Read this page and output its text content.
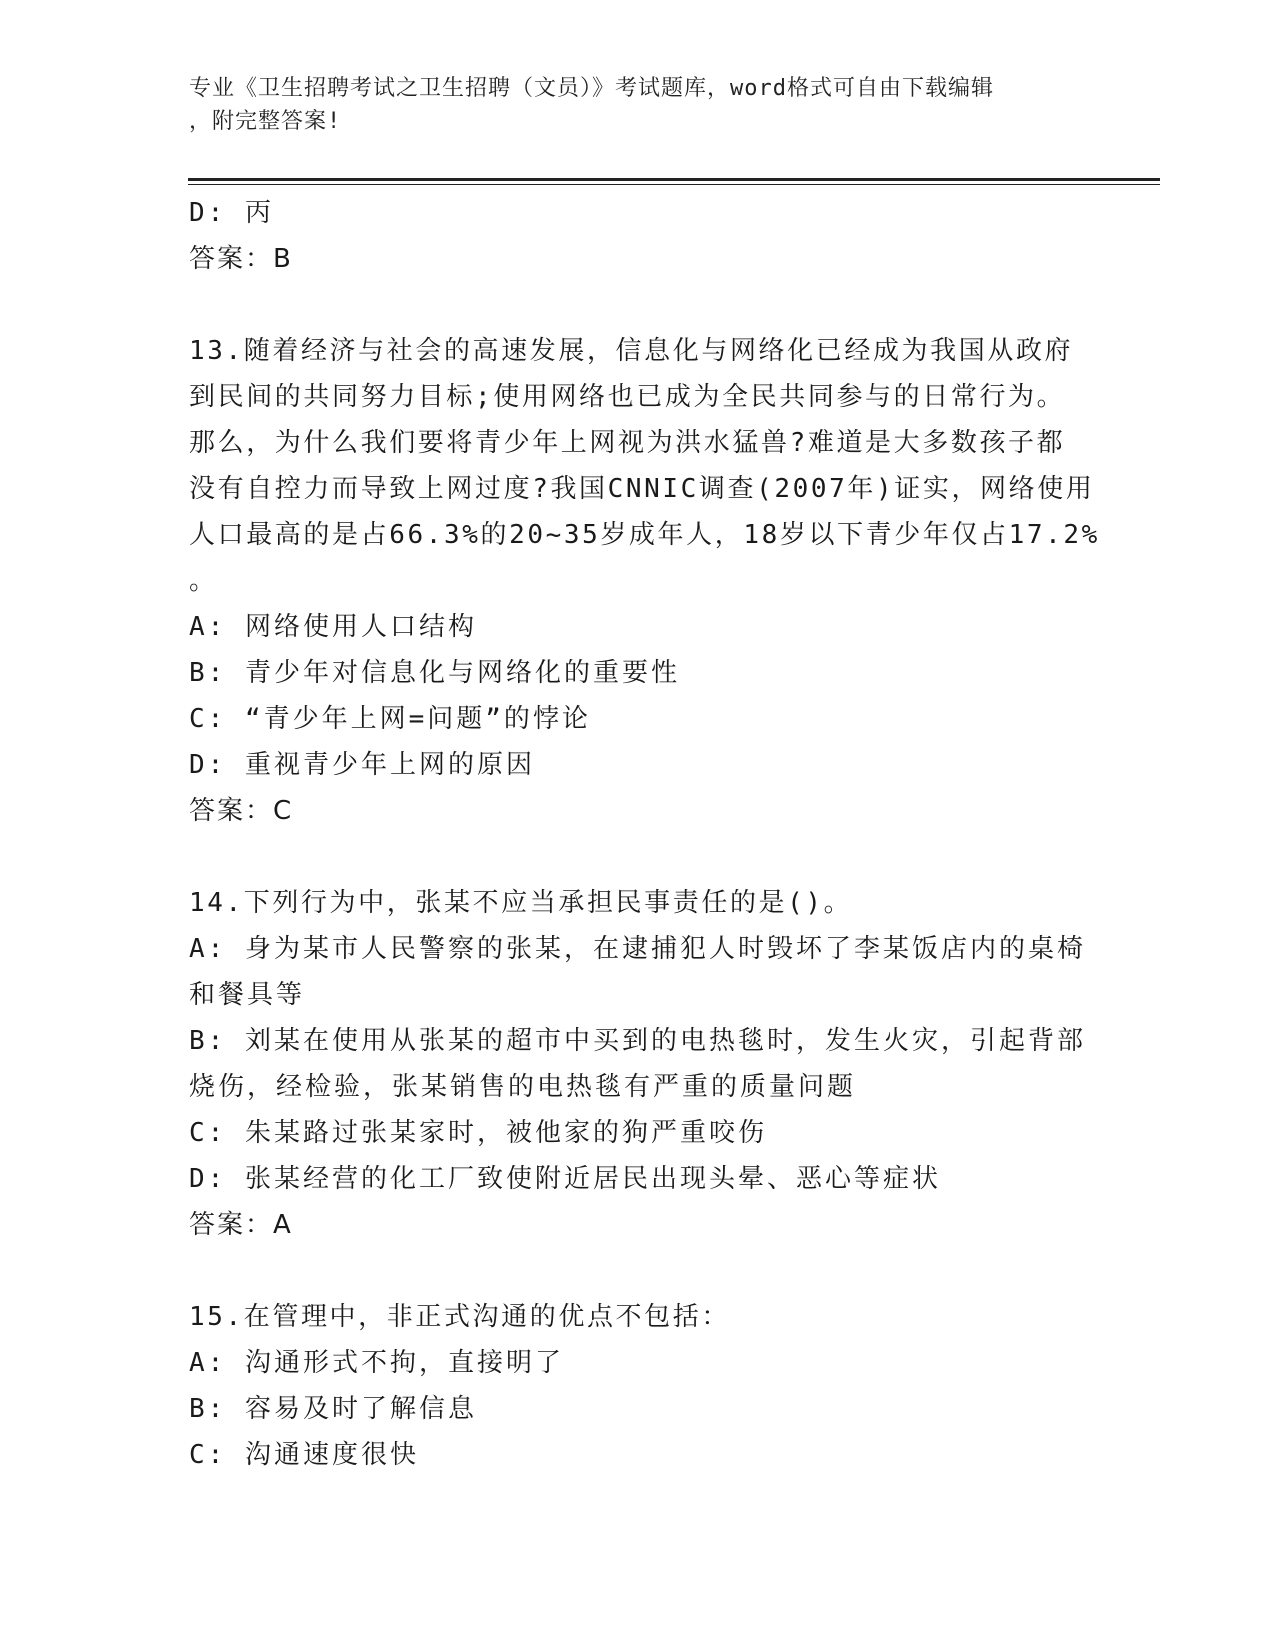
专业《卫生招聘考试之卫生招聘（文员）》考试题库，word格式可自由下载编辑
，附完整答案!
D: 丙
答案：B
13.随着经济与社会的高速发展，信息化与网络化已经成为我国从政府
到民间的共同努力目标;使用网络也已成为全民共同参与的日常行为。
那么，为什么我们要将青少年上网视为洪水猛兽?难道是大多数孩子都
没有自控力而导致上网过度?我国CNNIC调查(2007年)证实，网络使用
人口最高的是占66.3%的20~35岁成年人，18岁以下青少年仅占17.2%
。
A: 网络使用人口结构
B: 青少年对信息化与网络化的重要性
C: “青少年上网=问题”的悖论
D: 重视青少年上网的原因
答案：C
14.下列行为中，张某不应当承担民事责任的是()。
A: 身为某市人民警察的张某，在逮捕犯人时毁坏了李某饭店内的桌椅
和餐具等
B: 刘某在使用从张某的超市中买到的电热毯时，发生火灾，引起背部
烧伤，经检验，张某销售的电热毯有严重的质量问题
C: 朱某路过张某家时，被他家的狗严重咬伤
D: 张某经营的化工厂致使附近居民出现头晕、恶心等症状
答案：A
15.在管理中，非正式沟通的优点不包括：
A: 沟通形式不拘，直接明了
B: 容易及时了解信息
C: 沟通速度很快
